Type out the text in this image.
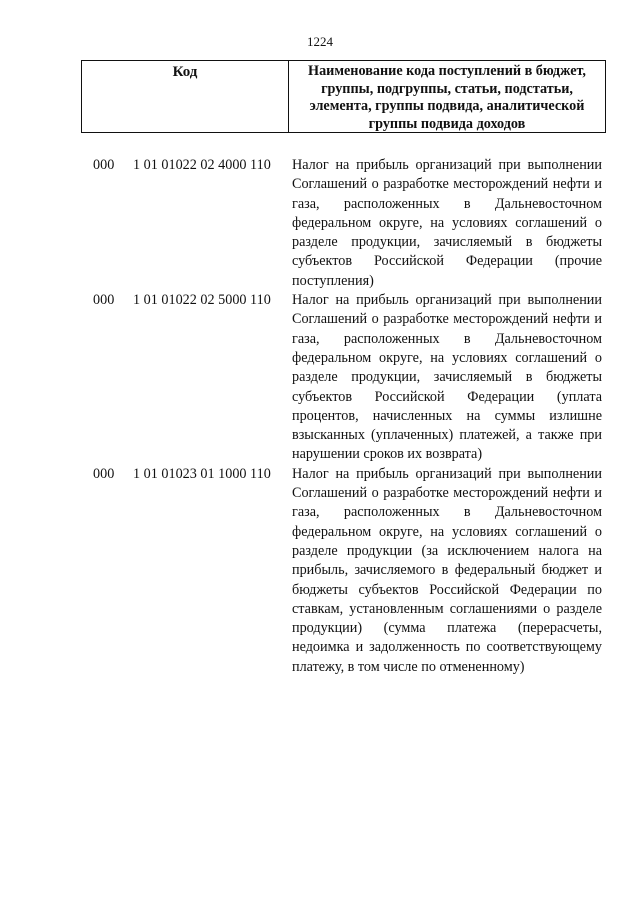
1224
Код	Наименование кода поступлений в бюджет, группы, подгруппы, статьи, подстатьи, элемента, группы подвида, аналитической группы подвида доходов
000 1 01 01022 02 4000 110 Налог на прибыль организаций при выполнении Соглашений о разработке месторождений нефти и газа, расположенных в Дальневосточном федеральном округе, на условиях соглашений о разделе продукции, зачисляемый в бюджеты субъектов Российской Федерации (прочие поступления)
000 1 01 01022 02 5000 110 Налог на прибыль организаций при выполнении Соглашений о разработке месторождений нефти и газа, расположенных в Дальневосточном федеральном округе, на условиях соглашений о разделе продукции, зачисляемый в бюджеты субъектов Российской Федерации (уплата процентов, начисленных на суммы излишне взысканных (уплаченных) платежей, а также при нарушении сроков их возврата)
000 1 01 01023 01 1000 110 Налог на прибыль организаций при выполнении Соглашений о разработке месторождений нефти и газа, расположенных в Дальневосточном федеральном округе, на условиях соглашений о разделе продукции (за исключением налога на прибыль, зачисляемого в федеральный бюджет и бюджеты субъектов Российской Федерации по ставкам, установленным соглашениями о разделе продукции) (сумма платежа (перерасчеты, недоимка и задолженность по соответствующему платежу, в том числе по отмененному)
